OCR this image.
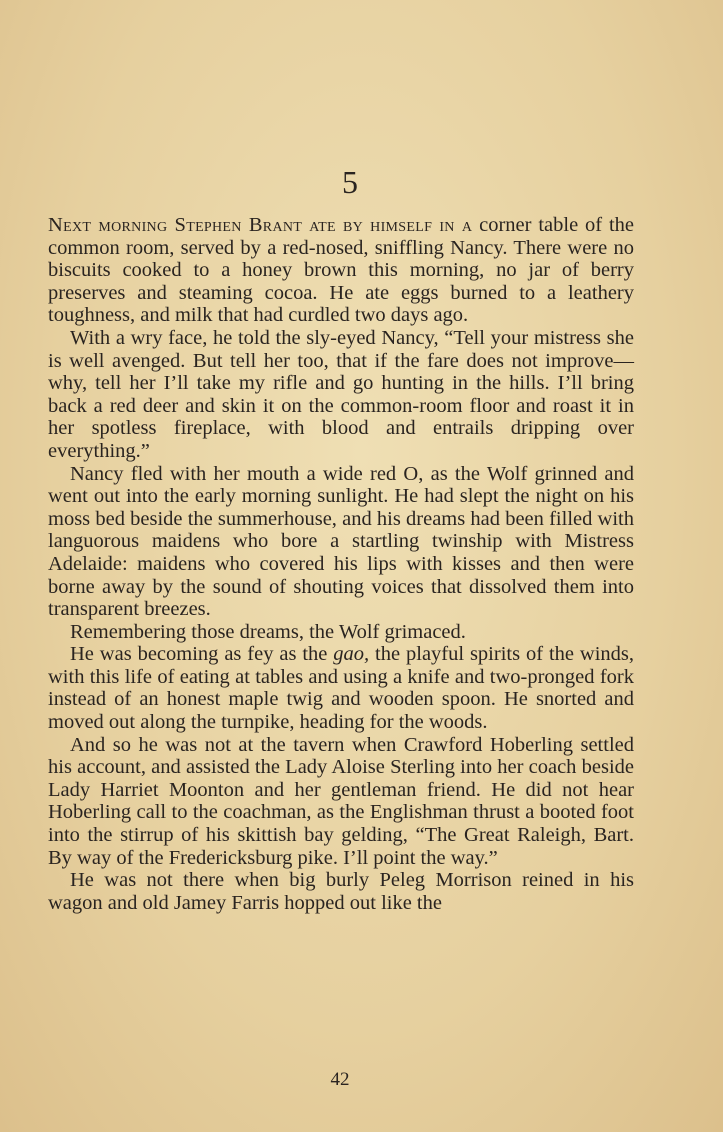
5

Next morning Stephen Brant ate by himself in a corner table of the common room, served by a red-nosed, sniffling Nancy. There were no biscuits cooked to a honey brown this morning, no jar of berry preserves and steaming cocoa. He ate eggs burned to a leathery toughness, and milk that had curdled two days ago.

With a wry face, he told the sly-eyed Nancy, “Tell your mistress she is well avenged. But tell her too, that if the fare does not improve—why, tell her I’ll take my rifle and go hunting in the hills. I’ll bring back a red deer and skin it on the common-room floor and roast it in her spotless fireplace, with blood and entrails dripping over everything.”

Nancy fled with her mouth a wide red O, as the Wolf grinned and went out into the early morning sunlight. He had slept the night on his moss bed beside the summerhouse, and his dreams had been filled with languorous maidens who bore a startling twinship with Mistress Adelaide: maidens who covered his lips with kisses and then were borne away by the sound of shouting voices that dissolved them into transparent breezes.

Remembering those dreams, the Wolf grimaced.

He was becoming as fey as the gao, the playful spirits of the winds, with this life of eating at tables and using a knife and two-pronged fork instead of an honest maple twig and wooden spoon. He snorted and moved out along the turnpike, heading for the woods.

And so he was not at the tavern when Crawford Hoberling settled his account, and assisted the Lady Aloise Sterling into her coach beside Lady Harriet Moonton and her gentleman friend. He did not hear Hoberling call to the coachman, as the Englishman thrust a booted foot into the stirrup of his skittish bay gelding, “The Great Raleigh, Bart. By way of the Fredericksburg pike. I’ll point the way.”

He was not there when big burly Peleg Morrison reined in his wagon and old Jamey Farris hopped out like the

42
